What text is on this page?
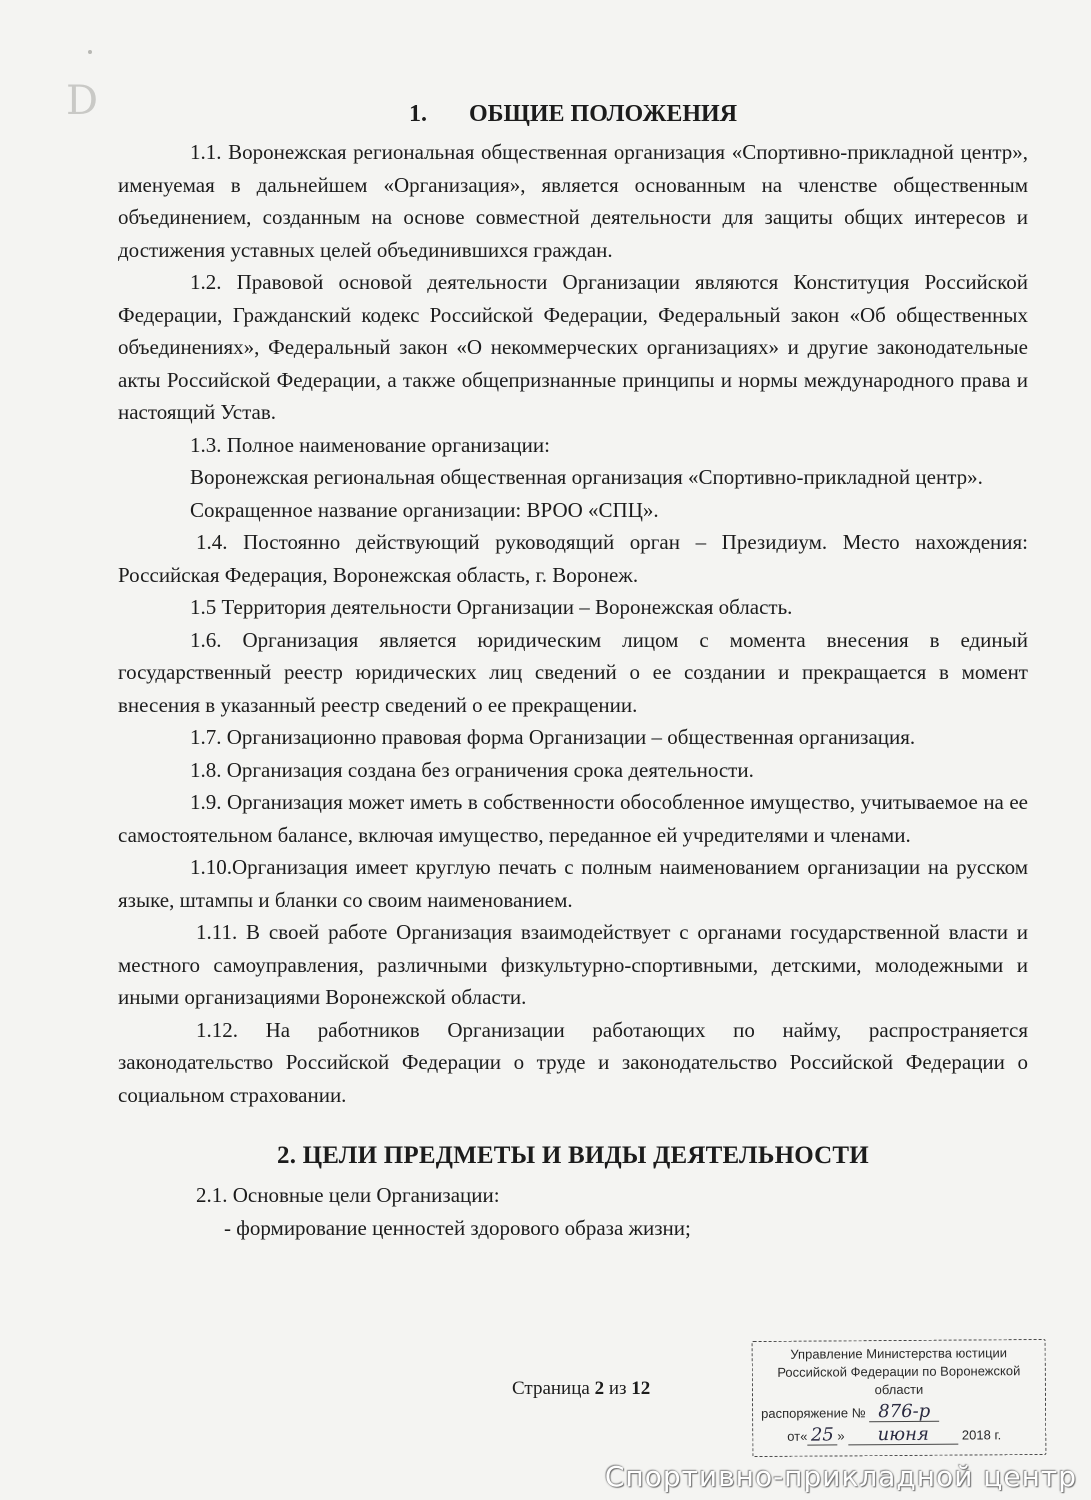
D	1. ОБЩИЕ ПОЛОЖЕНИЯ

1.1. Воронежская региональная общественная организация «Спортивно-прикладной центр», именуемая в дальнейшем «Организация», является основанным на членстве общественным объединением, созданным на основе совместной деятельности для защиты общих интересов и достижения уставных целей объединившихся граждан.

1.2. Правовой основой деятельности Организации являются Конституция Российской Федерации, Гражданский кодекс Российской Федерации, Федеральный закон «Об общественных объединениях», Федеральный закон «О некоммерческих организациях» и другие законодательные акты Российской Федерации, а также общепризнанные принципы и нормы международного права и настоящий Устав.

1.3. Полное наименование организации:

Воронежская региональная общественная организация «Спортивно-прикладной центр».

Сокращенное название организации: ВРОО «СПЦ».

1.4. Постоянно действующий руководящий орган – Президиум. Место нахождения: Российская Федерация, Воронежская область, г. Воронеж.

1.5 Территория деятельности Организации – Воронежская область.

1.6. Организация является юридическим лицом с момента внесения в единый государственный реестр юридических лиц сведений о ее создании и прекращается в момент внесения в указанный реестр сведений о ее прекращении.

1.7. Организационно правовая форма Организации – общественная организация.

1.8. Организация создана без ограничения срока деятельности.

1.9. Организация может иметь в собственности обособленное имущество, учитываемое на ее самостоятельном балансе, включая имущество, переданное ей учредителями и членами.

1.10.Организация имеет круглую печать с полным наименованием организации на русском языке, штампы и бланки со своим наименованием.

1.11. В своей работе Организация взаимодействует с органами государственной власти и местного самоуправления, различными физкультурно-спортивными, детскими, молодежными и иными организациями Воронежской области.

1.12. На работников Организации работающих по найму, распространяется законодательство Российской Федерации о труде и законодательство Российской Федерации о социальном страховании.

2. ЦЕЛИ ПРЕДМЕТЫ И ВИДЫ ДЕЯТЕЛЬНОСТИ

2.1. Основные цели Организации:

- формирование ценностей здорового образа жизни;

Страница 2 из 12
Управление Министерства юстиции
Российской Федерации по Воронежской области
распоряжение № 876-р
от« 25 » июня	2018 г.
Спортивно-прикладной центр
